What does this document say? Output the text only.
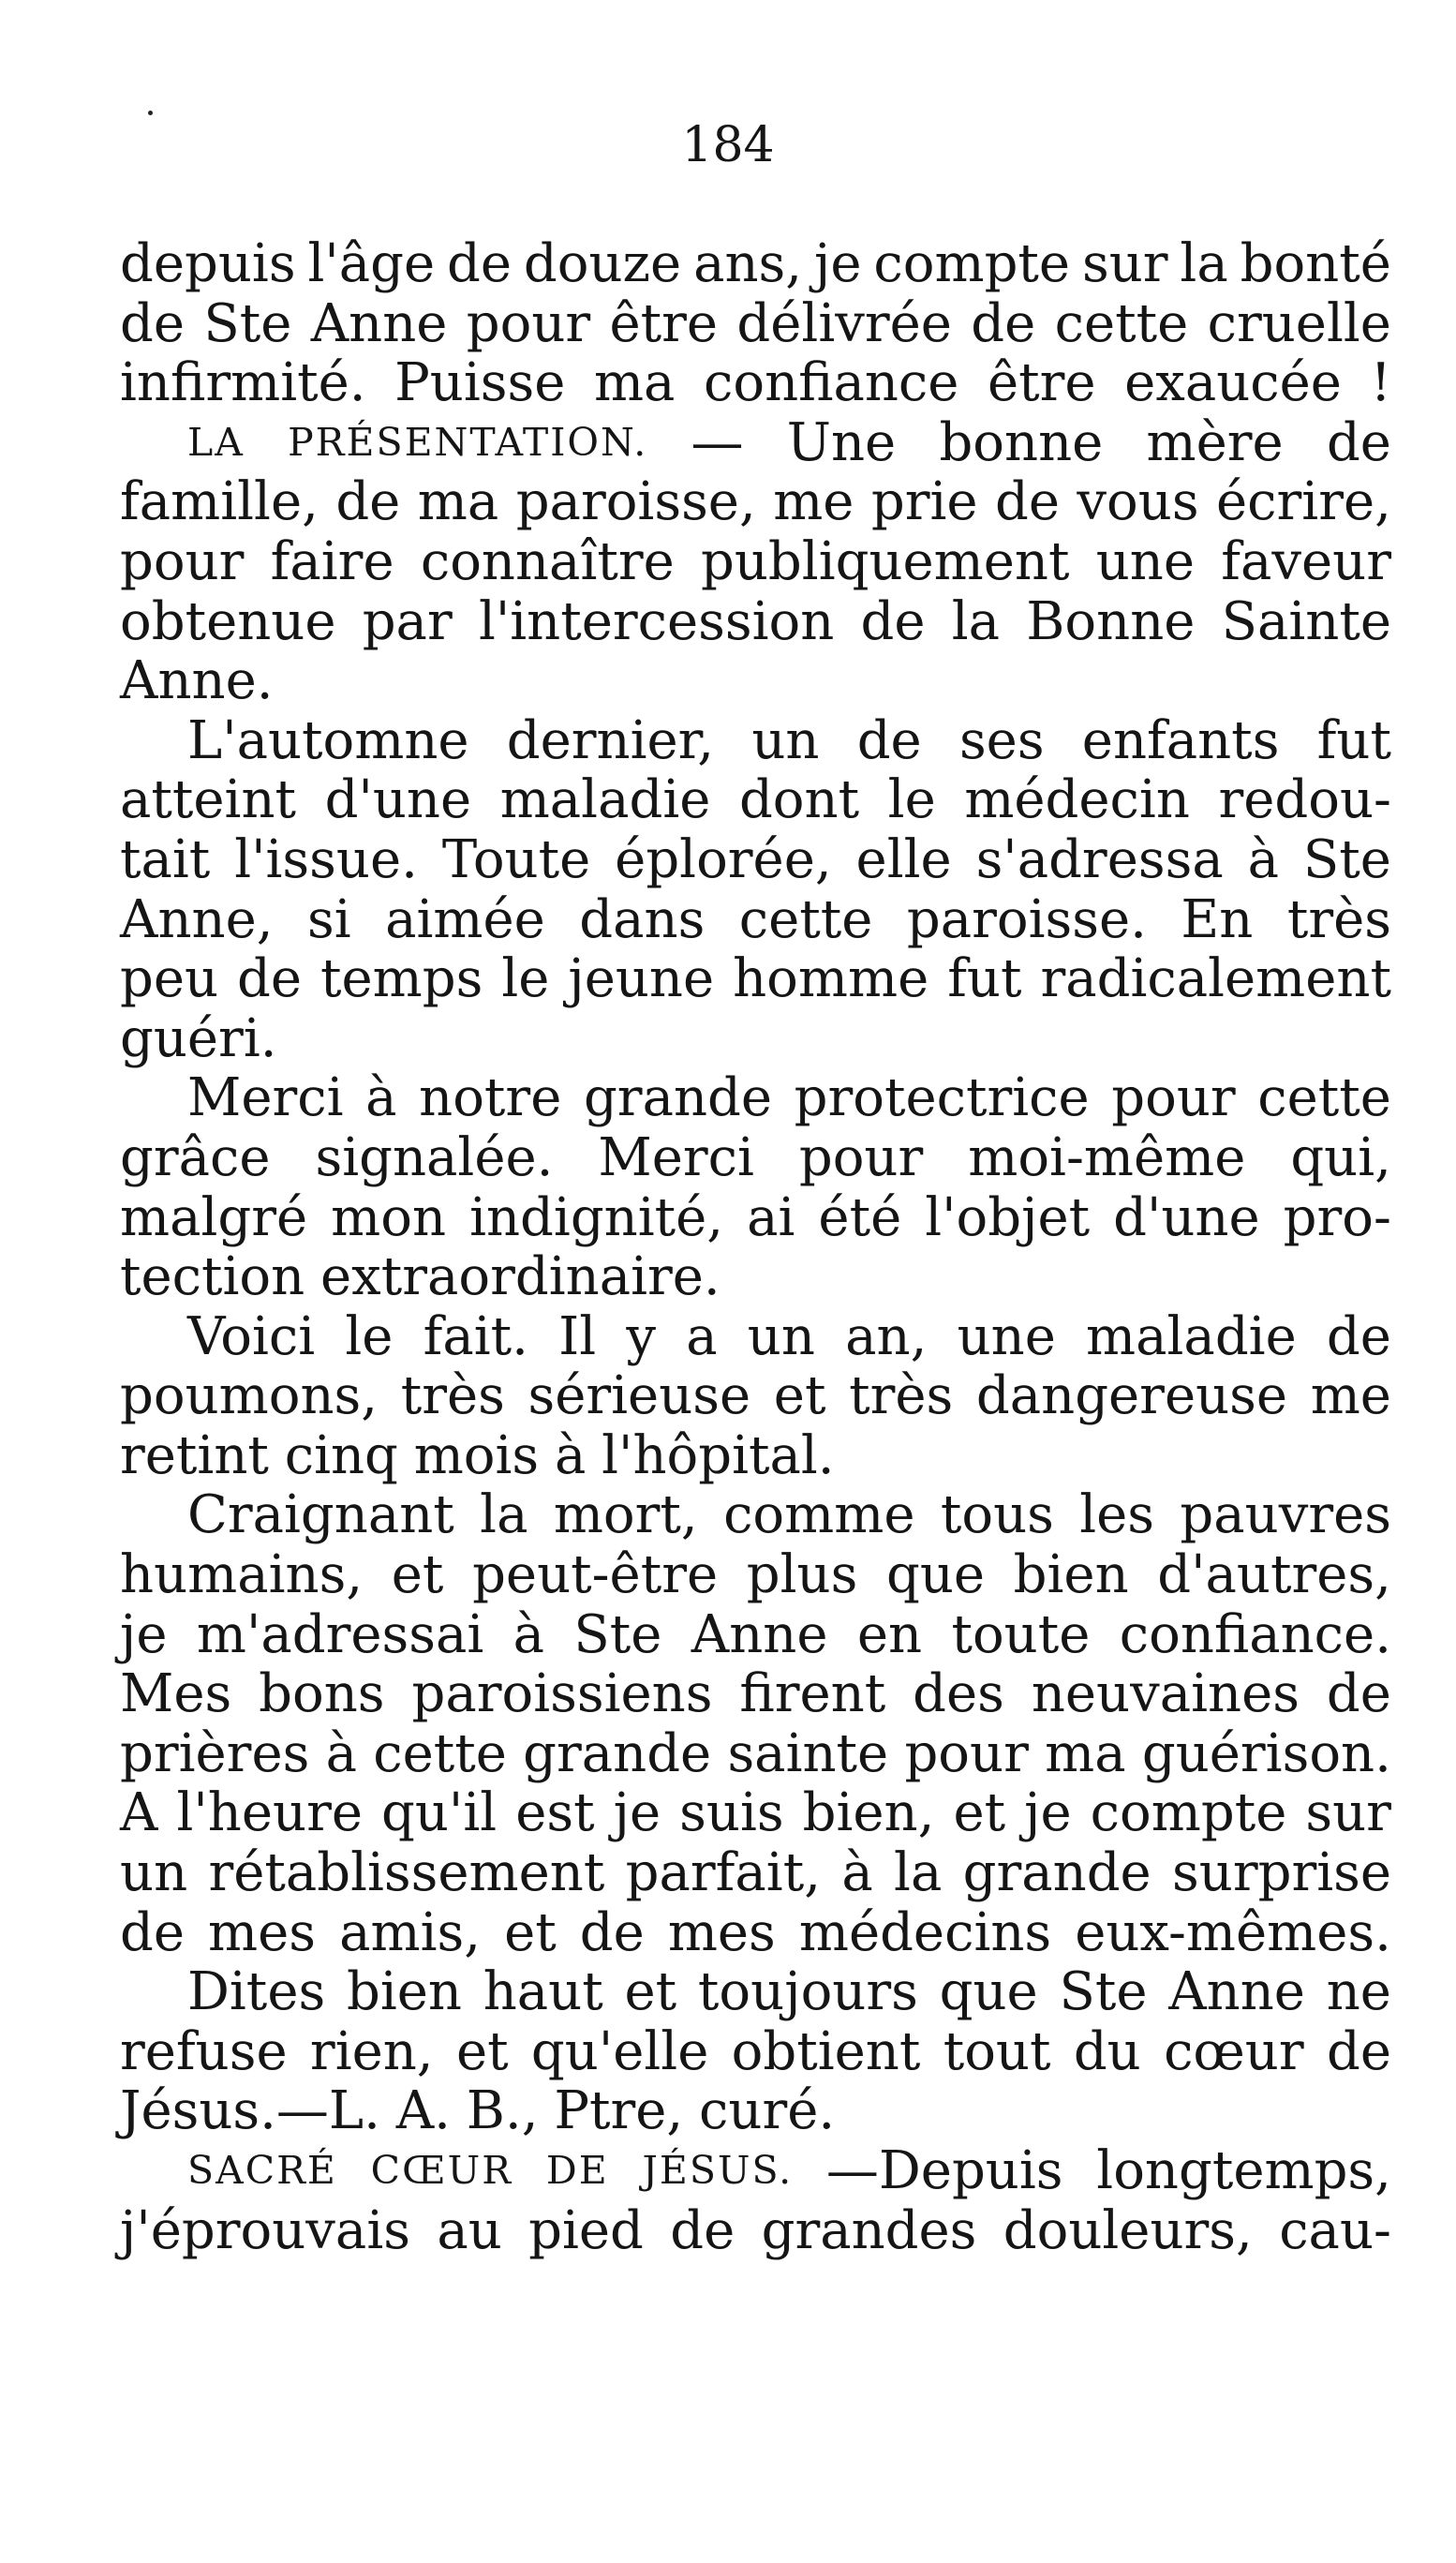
184
depuis l'âge de douze ans, je compte sur la bonté
de Ste Anne pour être délivrée de cette cruelle
infirmité. Puisse ma confiance être exaucée !
LA PRÉSENTATION. — Une bonne mère de
famille, de ma paroisse, me prie de vous écrire,
pour faire connaître publiquement une faveur
obtenue par l'intercession de la Bonne Sainte
Anne.
L'automne dernier, un de ses enfants fut
atteint d'une maladie dont le médecin redou-
tait l'issue. Toute éplorée, elle s'adressa à Ste
Anne, si aimée dans cette paroisse. En très
peu de temps le jeune homme fut radicalement
guéri.
Merci à notre grande protectrice pour cette
grâce signalée. Merci pour moi-même qui,
malgré mon indignité, ai été l'objet d'une pro-
tection extraordinaire.
Voici le fait. Il y a un an, une maladie de
poumons, très sérieuse et très dangereuse me
retint cinq mois à l'hôpital.
Craignant la mort, comme tous les pauvres
humains, et peut-être plus que bien d'autres,
je m'adressai à Ste Anne en toute confiance.
Mes bons paroissiens firent des neuvaines de
prières à cette grande sainte pour ma guérison.
A l'heure qu'il est je suis bien, et je compte sur
un rétablissement parfait, à la grande surprise
de mes amis, et de mes médecins eux-mêmes.
Dites bien haut et toujours que Ste Anne ne
refuse rien, et qu'elle obtient tout du cœur de
Jésus.—L. A. B., Ptre, curé.
SACRÉ CŒUR DE JÉSUS. —Depuis longtemps,
j'éprouvais au pied de grandes douleurs, cau-
